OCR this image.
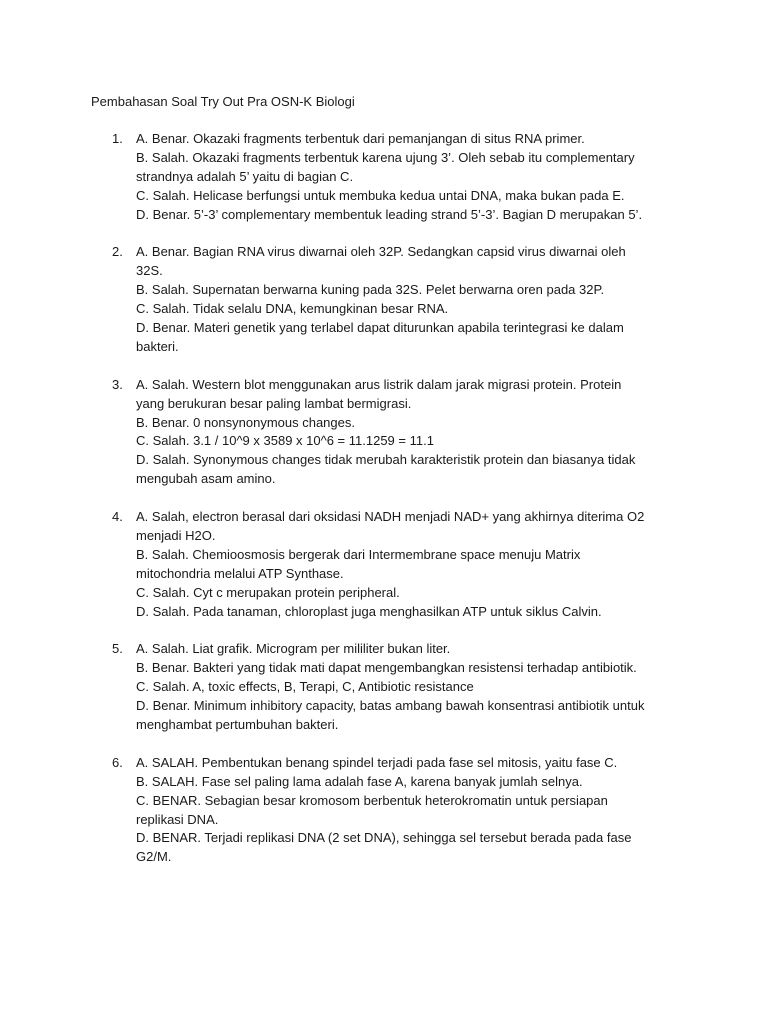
Pembahasan Soal Try Out Pra OSN-K Biologi
1. A. Benar. Okazaki fragments terbentuk dari pemanjangan di situs RNA primer.
B. Salah. Okazaki fragments terbentuk karena ujung 3’. Oleh sebab itu complementary
strandnya adalah 5’ yaitu di bagian C.
C. Salah. Helicase berfungsi untuk membuka kedua untai DNA, maka bukan pada E.
D. Benar. 5’-3’ complementary membentuk leading strand 5’-3’. Bagian D merupakan 5’.
2. A. Benar. Bagian RNA virus diwarnai oleh 32P. Sedangkan capsid virus diwarnai oleh
32S.
B. Salah. Supernatan berwarna kuning pada 32S. Pelet berwarna oren pada 32P.
C. Salah. Tidak selalu DNA, kemungkinan besar RNA.
D. Benar. Materi genetik yang terlabel dapat diturunkan apabila terintegrasi ke dalam
bakteri.
3. A. Salah. Western blot menggunakan arus listrik dalam jarak migrasi protein. Protein
yang berukuran besar paling lambat bermigrasi.
B. Benar. 0 nonsynonymous changes.
C. Salah. 3.1 / 10^9 x 3589 x 10^6 = 11.1259 = 11.1
D. Salah. Synonymous changes tidak merubah karakteristik protein dan biasanya tidak
mengubah asam amino.
4. A. Salah, electron berasal dari oksidasi NADH menjadi NAD+ yang akhirnya diterima O2
menjadi H2O.
B. Salah. Chemioosmosis bergerak dari Intermembrane space menuju Matrix
mitochondria melalui ATP Synthase.
C. Salah. Cyt c merupakan protein peripheral.
D. Salah. Pada tanaman, chloroplast juga menghasilkan ATP untuk siklus Calvin.
5. A. Salah. Liat grafik. Microgram per mililiter bukan liter.
B. Benar. Bakteri yang tidak mati dapat mengembangkan resistensi terhadap antibiotik.
C. Salah. A, toxic effects, B, Terapi, C, Antibiotic resistance
D. Benar. Minimum inhibitory capacity, batas ambang bawah konsentrasi antibiotik untuk
menghambat pertumbuhan bakteri.
6. A. SALAH. Pembentukan benang spindel terjadi pada fase sel mitosis, yaitu fase C.
B. SALAH. Fase sel paling lama adalah fase A, karena banyak jumlah selnya.
C. BENAR. Sebagian besar kromosom berbentuk heterokromatin untuk persiapan
replikasi DNA.
D. BENAR. Terjadi replikasi DNA (2 set DNA), sehingga sel tersebut berada pada fase
G2/M.
